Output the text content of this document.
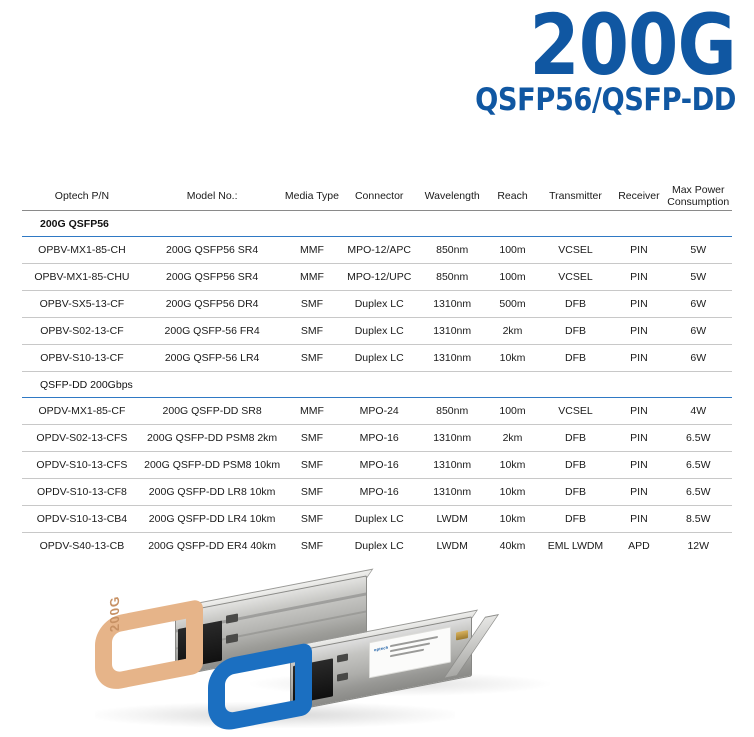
200G
QSFP56/QSFP-DD
Optech P/N	Model No.:	Media Type	Connector	Wavelength	Reach	Transmitter	Receiver	Max Power Consumption
200G QSFP56								
OPBV-MX1-85-CH	200G QSFP56 SR4	MMF	MPO-12/APC	850nm	100m	VCSEL	PIN	5W
OPBV-MX1-85-CHU	200G QSFP56 SR4	MMF	MPO-12/UPC	850nm	100m	VCSEL	PIN	5W
OPBV-SX5-13-CF	200G QSFP56 DR4	SMF	Duplex LC	1310nm	500m	DFB	PIN	6W
OPBV-S02-13-CF	200G QSFP-56 FR4	SMF	Duplex LC	1310nm	2km	DFB	PIN	6W
OPBV-S10-13-CF	200G QSFP-56 LR4	SMF	Duplex LC	1310nm	10km	DFB	PIN	6W
QSFP-DD 200Gbps								
OPDV-MX1-85-CF	200G QSFP-DD SR8	MMF	MPO-24	850nm	100m	VCSEL	PIN	4W
OPDV-S02-13-CFS	200G QSFP-DD PSM8 2km	SMF	MPO-16	1310nm	2km	DFB	PIN	6.5W
OPDV-S10-13-CFS	200G QSFP-DD PSM8 10km	SMF	MPO-16	1310nm	10km	DFB	PIN	6.5W
OPDV-S10-13-CF8	200G QSFP-DD LR8 10km	SMF	MPO-16	1310nm	10km	DFB	PIN	6.5W
OPDV-S10-13-CB4	200G QSFP-DD LR4 10km	SMF	Duplex LC	LWDM	10km	DFB	PIN	8.5W
OPDV-S40-13-CB	200G QSFP-DD ER4 40km	SMF	Duplex LC	LWDM	40km	EML LWDM	APD	12W
200G
optech
